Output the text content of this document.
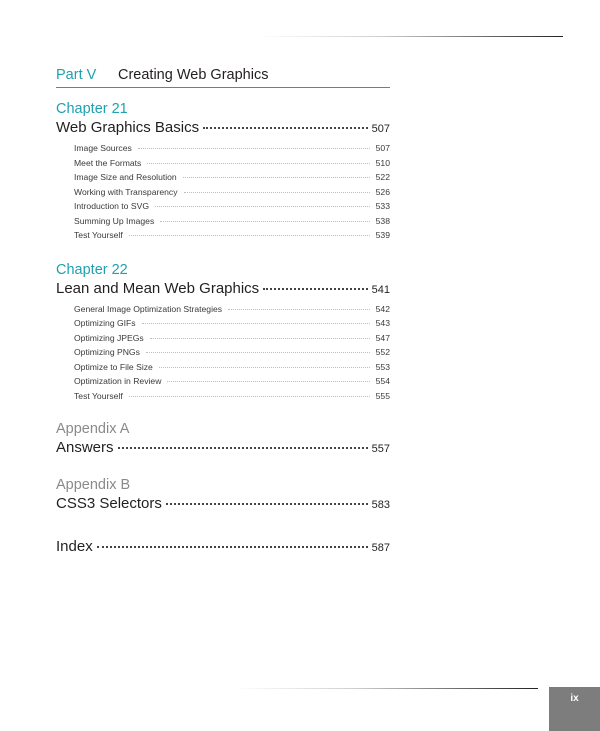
Part V Creating Web Graphics
Chapter 21
Web Graphics Basics	507
Image Sources	507
Meet the Formats	510
Image Size and Resolution	522
Working with Transparency	526
Introduction to SVG	533
Summing Up Images	538
Test Yourself	539
Chapter 22
Lean and Mean Web Graphics	541
General Image Optimization Strategies	542
Optimizing GIFs	543
Optimizing JPEGs	547
Optimizing PNGs	552
Optimize to File Size	553
Optimization in Review	554
Test Yourself	555
Appendix A
Answers	557
Appendix B
CSS3 Selectors	583
Index	587
ix
